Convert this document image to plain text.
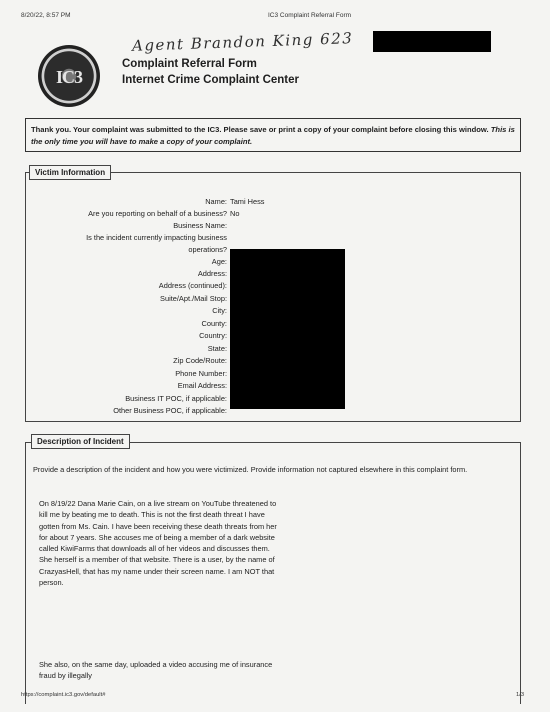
8/20/22, 8:57 PM	IC3 Complaint Referral Form
IC3
Agent Brandon King 623
Complaint Referral Form
Internet Crime Complaint Center
Thank you. Your complaint was submitted to the IC3. Please save or print a copy of your complaint before closing this window. This is the only time you will have to make a copy of your complaint.
Victim Information
Name: Tami Hess
Are you reporting on behalf of a business? No
Business Name:
Is the incident currently impacting business
operations?
Age:
Address:
Address (continued):
Suite/Apt./Mail Stop:
City:
County:
Country:
State:
Zip Code/Route:
Phone Number:
Email Address:
Business IT POC, if applicable:
Other Business POC, if applicable:
Description of Incident
Provide a description of the incident and how you were victimized. Provide information not captured elsewhere in this complaint form.
On 8/19/22 Dana Marie Cain, on a live stream on YouTube threatened to kill me by beating me to death. This is not the first death threat I have gotten from Ms. Cain. I have been receiving these death threats from her for about 7 years. She accuses me of being a member of a dark website called KiwiFarms that downloads all of her videos and discusses them. She herself is a member of that website. There is a user, by the name of CrazyasHell, that has my name under their screen name. I am NOT that person.
She also, on the same day, uploaded a video accusing me of insurance fraud by illegally
https://complaint.ic3.gov/default#	1/3
